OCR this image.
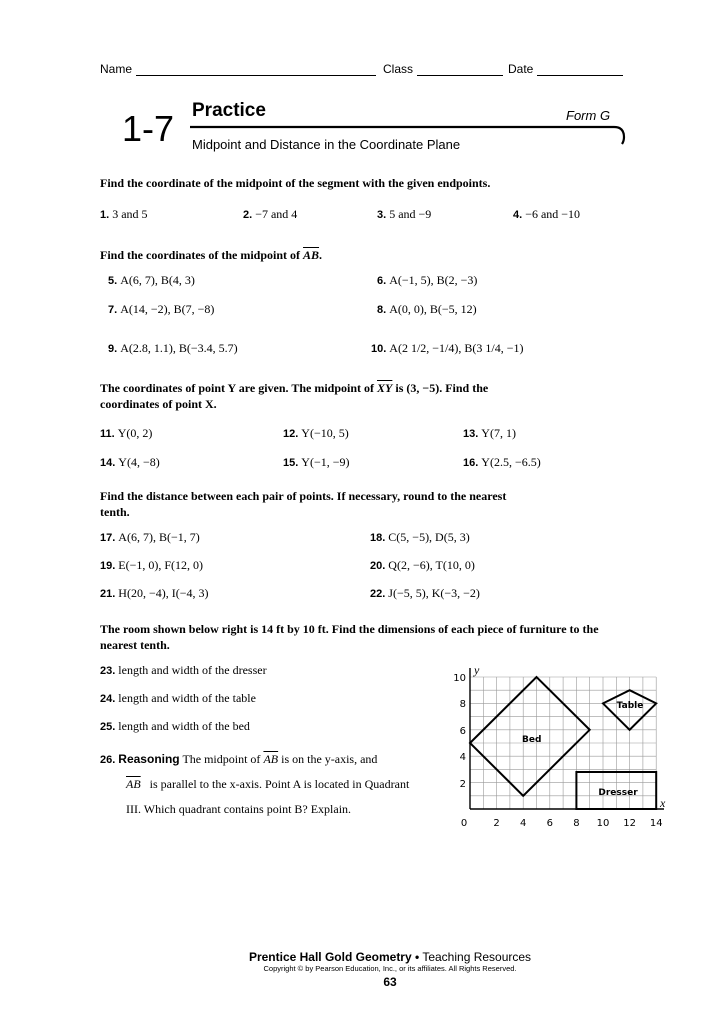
Name	Class	Date
1-7 Practice	Form G
Midpoint and Distance in the Coordinate Plane
Find the coordinate of the midpoint of the segment with the given endpoints.
1. 3 and 5	2. −7 and 4	3. 5 and −9	4. −6 and −10
Find the coordinates of the midpoint of $\overline{AB}$.
5. A(6, 7), B(4, 3)	6. A(−1, 5), B(2, −3)
7. A(14, −2), B(7, −8)	8. A(0, 0), B(−5, 12)
9. A(2.8, 1.1), B(−3.4, 5.7)	10. A(2 1/2, −1/4), B(3 1/4, −1)
The coordinates of point Y are given. The midpoint of $\overline{XY}$ is (3, −5). Find the
coordinates of point X.
11. Y(0, 2)	12. Y(−10, 5)	13. Y(7, 1)
14. Y(4, −8)	15. Y(−1, −9)	16. Y(2.5, −6.5)
Find the distance between each pair of points. If necessary, round to the nearest
tenth.
17. A(6, 7), B(−1, 7)	18. C(5, −5), D(5, 3)
19. E(−1, 0), F(12, 0)	20. Q(2, −6), T(10, 0)
21. H(20, −4), I(−4, 3)	22. J(−5, 5), K(−3, −2)
The room shown below right is 14 ft by 10 ft. Find the dimensions of each piece of furniture to the
nearest tenth.
23. length and width of the dresser
24. length and width of the table
25. length and width of the bed
26. Reasoning The midpoint of $\overline{AB}$ is on the y-axis, and
$\overline{AB}$ is parallel to the x-axis. Point A is located in Quadrant
III. Which quadrant contains point B? Explain.
y
x
10
8
6
4
2
0	2 4 6 8 10 12 14
Bed
Table
Dresser
Prentice Hall Gold Geometry • Teaching Resources
Copyright © by Pearson Education, Inc., or its affiliates. All Rights Reserved.
63
